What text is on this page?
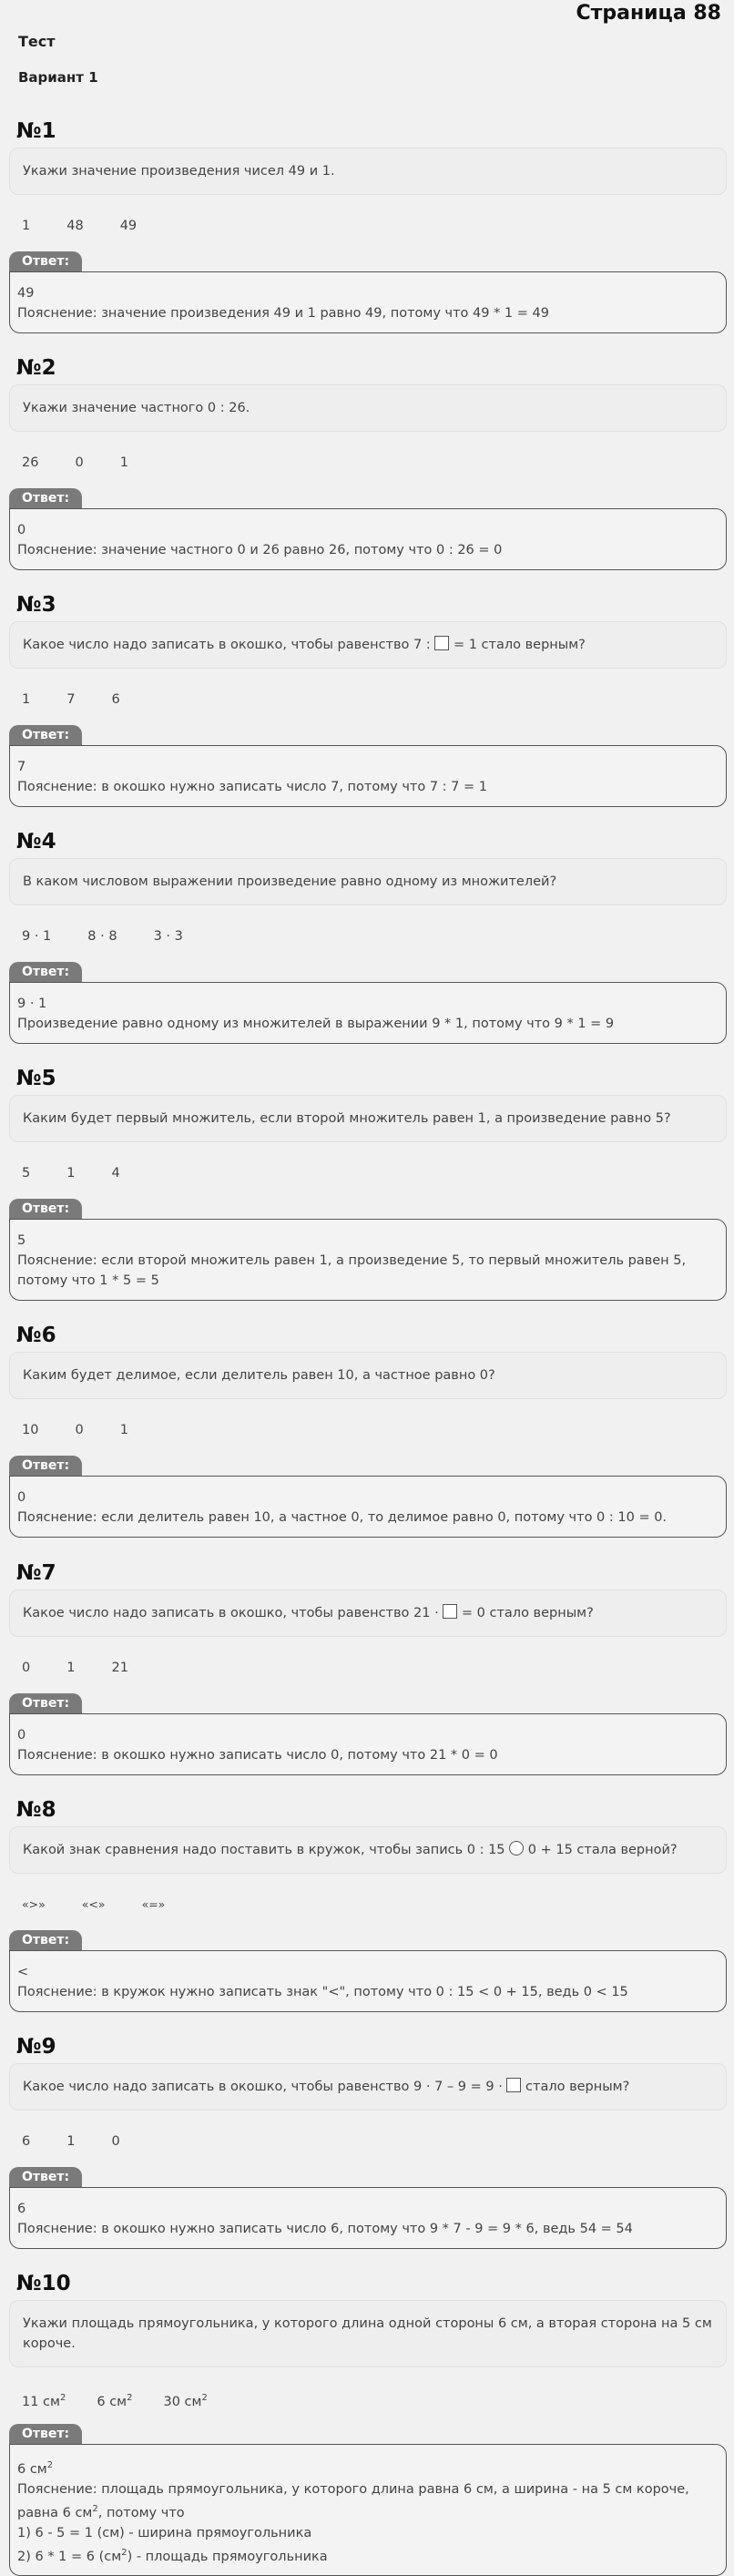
Страница 88
Тест
Вариант 1
№1
Укажи значение произведения чисел 49 и 1.
1	48	49
Ответ:
49
Пояснение: значение произведения 49 и 1 равно 49, потому что 49 * 1 = 49
№2
Укажи значение частного 0 : 26.
26	0	1
Ответ:
0
Пояснение: значение частного 0 и 26 равно 26, потому что 0 : 26 = 0
№3
Какое число надо записать в окошко, чтобы равенство 7 : = 1 стало верным?
1	7	6
Ответ:
7
Пояснение: в окошко нужно записать число 7, потому что 7 : 7 = 1
№4
В каком числовом выражении произведение равно одному из множителей?
9 · 1	8 · 8	3 · 3
Ответ:
9 · 1
Произведение равно одному из множителей в выражении 9 * 1, потому что 9 * 1 = 9
№5
Каким будет первый множитель, если второй множитель равен 1, а произведение равно 5?
5	1	4
Ответ:
5
Пояснение: если второй множитель равен 1, а произведение 5, то первый множитель равен 5, потому что 1 * 5 = 5
№6
Каким будет делимое, если делитель равен 10, а частное равно 0?
10	0	1
Ответ:
0
Пояснение: если делитель равен 10, а частное 0, то делимое равно 0, потому что 0 : 10 = 0.
№7
Какое число надо записать в окошко, чтобы равенство 21 · = 0 стало верным?
0	1	21
Ответ:
0
Пояснение: в окошко нужно записать число 0, потому что 21 * 0 = 0
№8
Какой знак сравнения надо поставить в кружок, чтобы запись 0 : 15 0 + 15 стала верной?
«>»	«<»	«=»
Ответ:
<
Пояснение: в кружок нужно записать знак "<", потому что 0 : 15 < 0 + 15, ведь 0 < 15
№9
Какое число надо записать в окошко, чтобы равенство 9 · 7 – 9 = 9 · стало верным?
6	1	0
Ответ:
6
Пояснение: в окошко нужно записать число 6, потому что 9 * 7 - 9 = 9 * 6, ведь 54 = 54
№10
Укажи площадь прямоугольника, у которого длина одной стороны 6 см, а вторая сторона на 5 см короче.
11 $см^2$ 6 $см^2$ 30 $см^2$
Ответ:
6 $см^2$
Пояснение: площадь прямоугольника, у которого длина равна 6 см, а ширина - на 5 см короче, равна 6 $см^2$, потому что
1) 6 - 5 = 1 (см) - ширина прямоугольника
2) 6 * 1 = 6 $(см^2)$ - площадь прямоугольника
